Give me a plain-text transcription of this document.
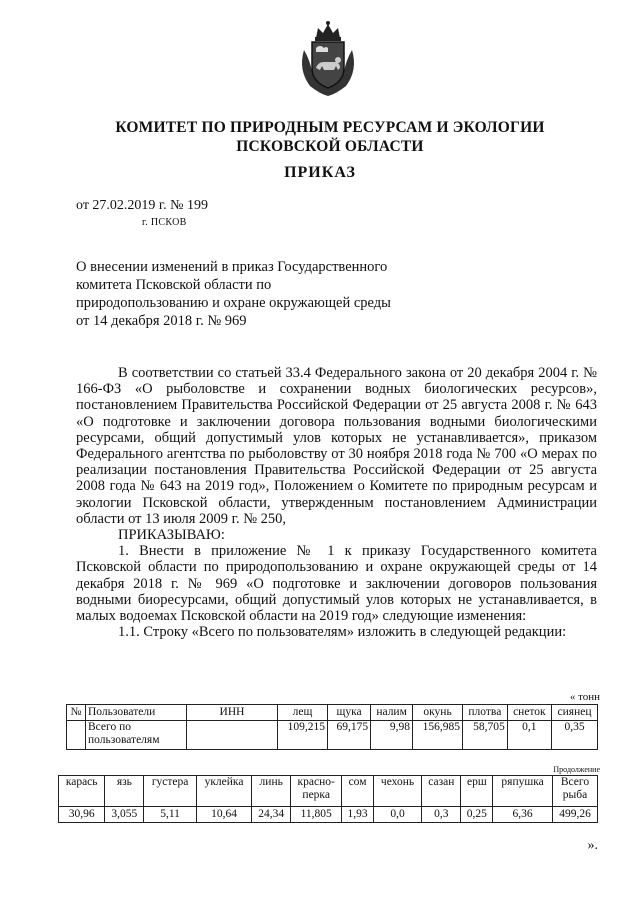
КОМИТЕТ ПО ПРИРОДНЫМ РЕСУРСАМ И ЭКОЛОГИИ
ПСКОВСКОЙ ОБЛАСТИ
ПРИКАЗ
от 27.02.2019 г. № 199
г. ПСКОВ
О внесении изменений в приказ Государственного комитета Псковской области по природопользованию и охране окружающей среды от 14 декабря 2018 г. № 969

В соответствии со статьей 33.4 Федерального закона от 20 декабря 2004 г. № 166-ФЗ «О рыболовстве и сохранении водных биологических ресурсов», постановлением Правительства Российской Федерации от 25 августа 2008 г. № 643 «О подготовке и заключении договора пользования водными биологическими ресурсами, общий допустимый улов которых не устанавливается», приказом Федерального агентства по рыболовству от 30 ноября 2018 года № 700 «О мерах по реализации постановления Правительства Российской Федерации от 25 августа 2008 года № 643 на 2019 год», Положением о Комитете по природным ресурсам и экологии Псковской области, утвержденным постановлением Администрации области от 13 июля 2009 г. № 250,

ПРИКАЗЫВАЮ:

1. Внести в приложение № 1 к приказу Государственного комитета Псковской области по природопользованию и охране окружающей среды от 14 декабря 2018 г. № 969 «О подготовке и заключении договоров пользования водными биоресурсами, общий допустимый улов которых не устанавливается, в малых водоемах Псковской области на 2019 год» следующие изменения:

1.1. Строку «Всего по пользователям» изложить в следующей редакции:

« тонн
№	Пользователи	ИНН	лещ	щука	налим	окунь	плотва	снеток	сиянец
	Всего по пользователям		109,215	69,175	9,98	156,985	58,705	0,1	0,35
Продолжение
карась	язь	густера	уклейка	линь	красно-перка	сом	чехонь	сазан	ерш	ряпушка	Всего рыба
30,96	3,055	5,11	10,64	24,34	11,805	1,93	0,0	0,3	0,25	6,36	499,26
».
